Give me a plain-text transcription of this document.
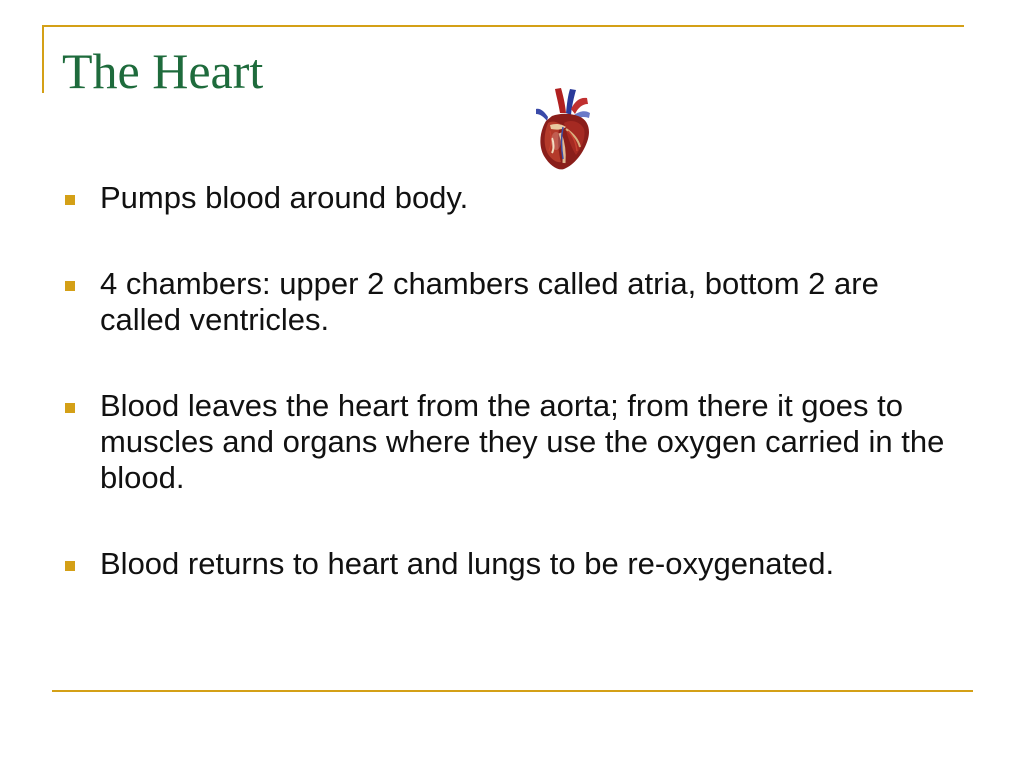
The Heart
Pumps blood around body.
4 chambers: upper 2 chambers called atria, bottom 2 are called ventricles.
Blood leaves the heart from the aorta; from there it goes to muscles and organs where they use the oxygen carried in the blood.
Blood returns to heart and lungs to be re-oxygenated.
